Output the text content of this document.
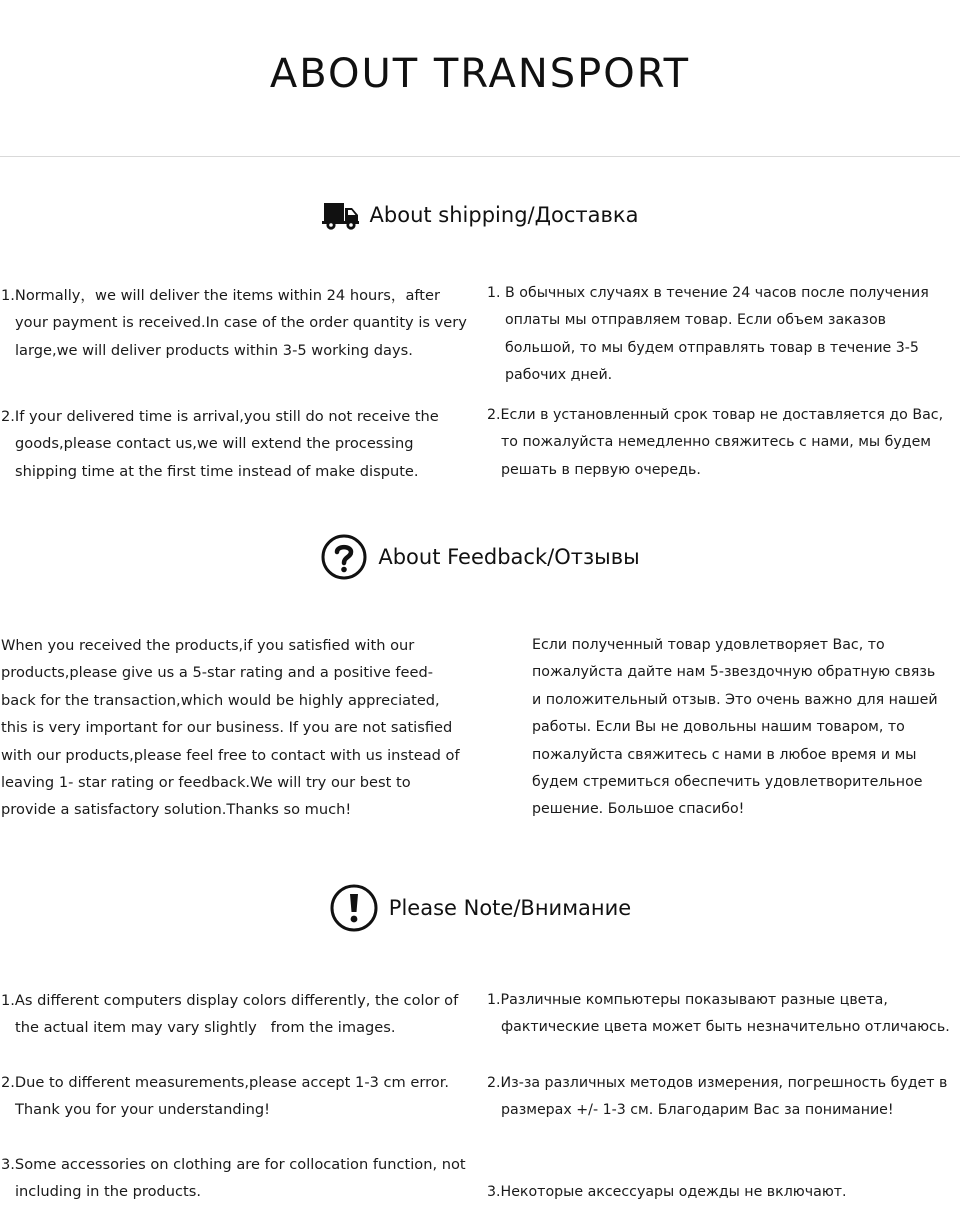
ABOUT TRANSPORT
About shipping/Доставка
1.Normally，we will deliver the items within 24 hours，after your payment is received.In case of the order quantity is very large,we will deliver products within 3-5 working days.
2.If your delivered time is arrival,you still do not receive the goods,please contact us,we will extend the processing shipping time at the first time instead of make dispute.
1. В обычных случаях в течение 24 часов после получения оплаты мы отправляем товар. Если объем заказов большой, то мы будем отправлять товар в течение 3-5 рабочих дней.
2.Если в установленный срок товар не доставляется до Вас, то пожалуйста немедленно свяжитесь с нами, мы будем решать в первую очередь.
About Feedback/Отзывы
When you received the products,if you satisfied with our products,please give us a 5-star rating and a positive feed-back for the transaction,which would be highly appreciated, this is very important for our business. If you are not satisfied with our products,please feel free to contact with us instead of leaving 1- star rating or feedback.We will try our best to provide a satisfactory solution.Thanks so much!
Если полученный товар удовлетворяет Вас, то пожалуйста дайте нам 5-звездочную обратную связь и положительный отзыв. Это очень важно для нашей работы. Если Вы не довольны нашим товаром, то пожалуйста свяжитесь с нами в любое время и мы будем стремиться обеспечить удовлетворительное решение. Большое спасибо!
Please Note/Внимание
1.As different computers display colors differently, the color of the actual item may vary slightly   from the images.
2.Due to different measurements,please accept 1-3 cm error. Thank you for your understanding!
3.Some accessories on clothing are for collocation function, not including in the products.
1.Различные компьютеры показывают разные цвета, фактические цвета может быть незначительно отличаюсь.
2.Из-за различных методов измерения, погрешность будет в размерах +/- 1-3 см. Благодарим Вас за понимание!
3.Некоторые аксессуары одежды не включают.
